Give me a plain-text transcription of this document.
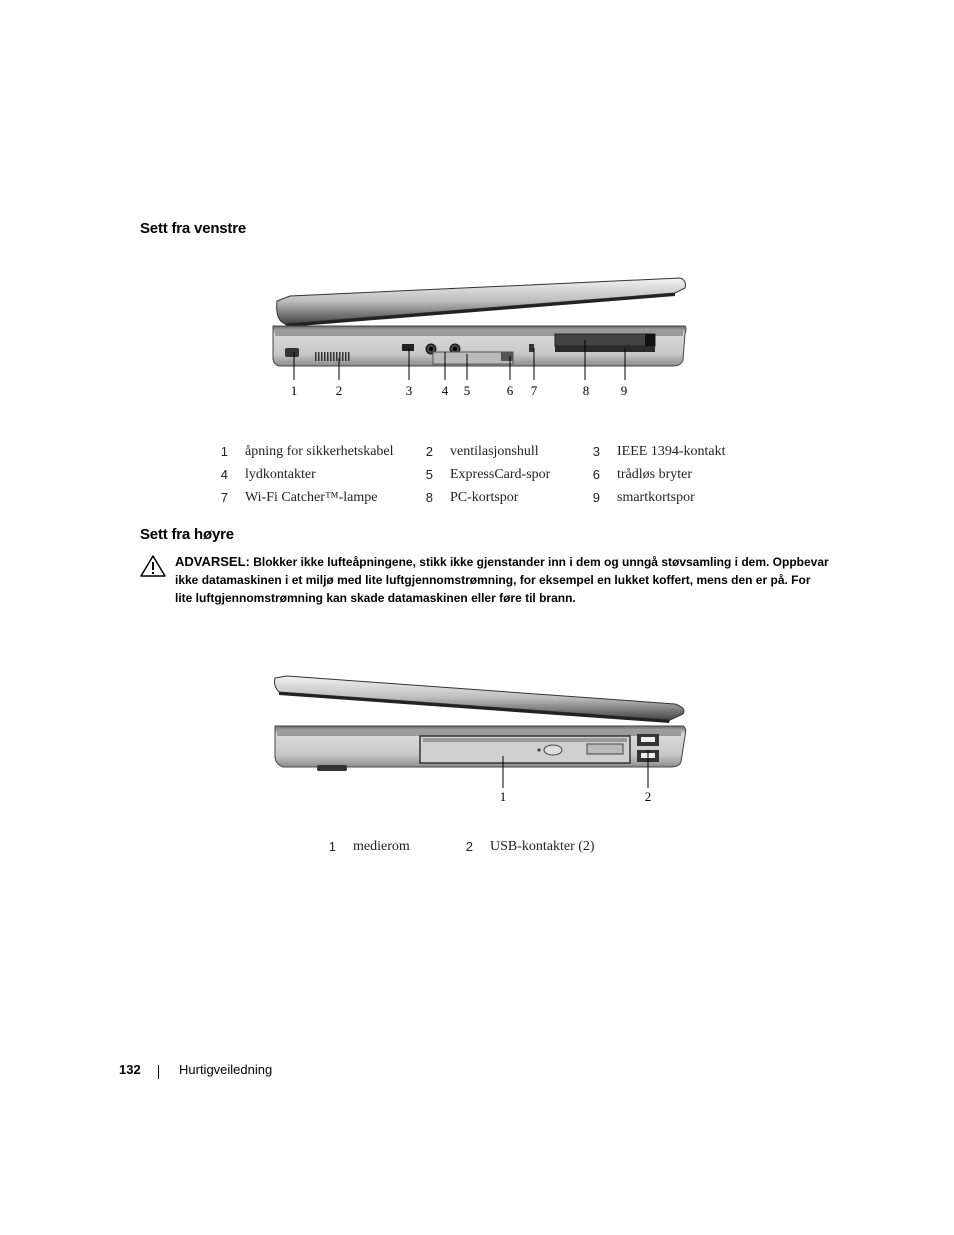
Sett fra venstre
1	2	3	4	5	6	7	8	9
1	åpning for sikkerhetskabel	2	ventilasjonshull	3	IEEE 1394-kontakt
4	lydkontakter	5	ExpressCard-spor	6	trådløs bryter
7	Wi-Fi Catcher™-lampe	8	PC-kortspor	9	smartkortspor
Sett fra høyre
ADVARSEL: Blokker ikke lufteåpningene, stikk ikke gjenstander inn i dem og unngå støvsamling i dem. Oppbevar ikke datamaskinen i et miljø med lite luftgjennomstrømning, for eksempel en lukket koffert, mens den er på. For lite luftgjennomstrømning kan skade datamaskinen eller føre til brann.
1	2
1	medierom	2	USB-kontakter (2)
132	Hurtigveiledning
